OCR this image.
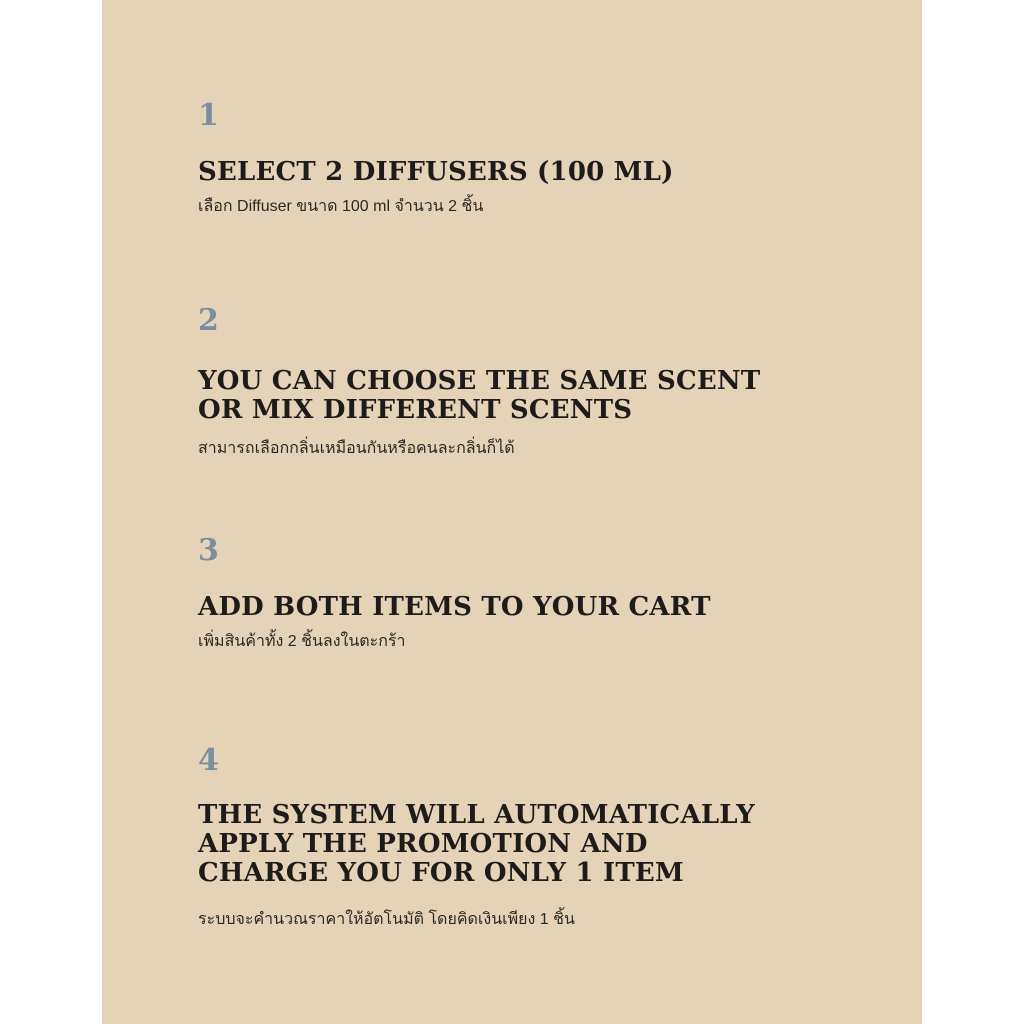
1

SELECT 2 DIFFUSERS (100 ML)

เลือก Diffuser ขนาด 100 ml จำนวน 2 ชิ้น

2

YOU CAN CHOOSE THE SAME SCENT
OR MIX DIFFERENT SCENTS

สามารถเลือกกลิ่นเหมือนกันหรือคนละกลิ่นก็ได้

3

ADD BOTH ITEMS TO YOUR CART

เพิ่มสินค้าทั้ง 2 ชิ้นลงในตะกร้า

4

THE SYSTEM WILL AUTOMATICALLY
APPLY THE PROMOTION AND
CHARGE YOU FOR ONLY 1 ITEM

ระบบจะคำนวณราคาให้อัตโนมัติ โดยคิดเงินเพียง 1 ชิ้น
